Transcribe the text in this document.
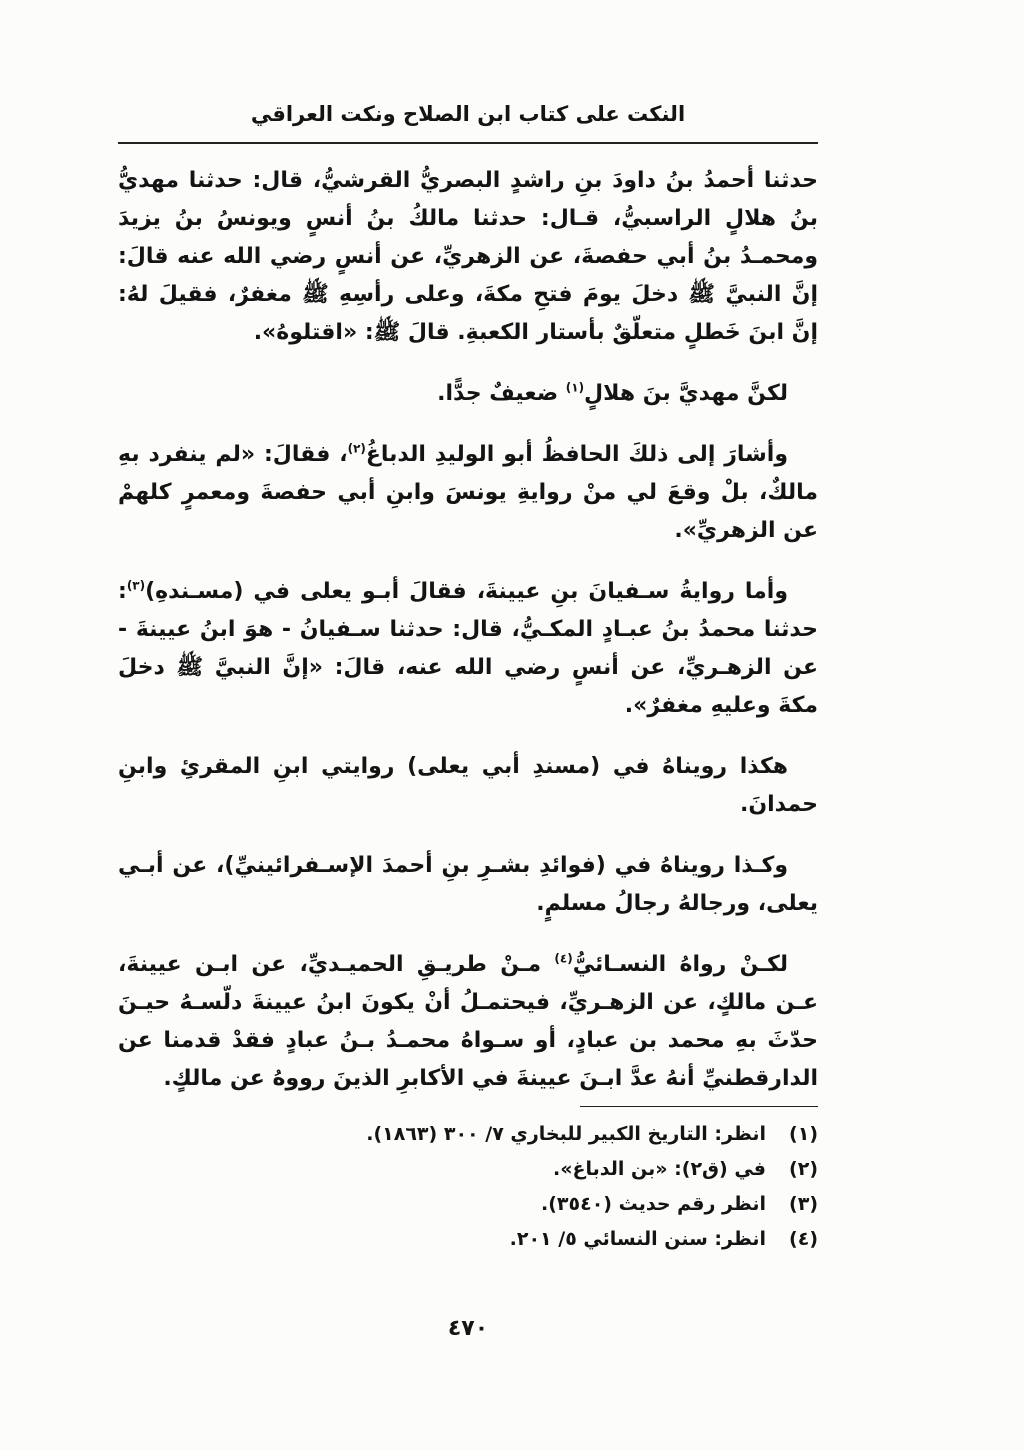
النكت على كتاب ابن الصلاح ونكت العراقي

حدثنا أحمدُ بنُ داودَ بنِ راشدٍ البصريُّ القرشيُّ، قال: حدثنا مهديُّ بنُ هلالٍ الراسبيُّ، قـال: حدثنا مالكُ بنُ أنسٍ ويونسُ بنُ يزيدَ ومحمـدُ بنُ أبي حفصةَ، عن الزهريِّ، عن أنسٍ رضي الله عنه قالَ: إنَّ النبيَّ ﷺ دخلَ يومَ فتحِ مكةَ، وعلى رأسِهِ ﷺ مغفرٌ، فقيلَ لهُ: إنَّ ابنَ خَطلٍ متعلّقٌ بأستار الكعبةِ. قالَ ﷺ: «اقتلوهُ».

لكنَّ مهديَّ بنَ هلالٍ$^{(١)}$ ضعيفٌ جدًّا.

وأشارَ إلى ذلكَ الحافظُ أبو الوليدِ الدباغُ$^{(٢)}$، فقالَ: «لم ينفرد بهِ مالكٌ، بلْ وقعَ لي منْ روايةِ يونسَ وابنِ أبي حفصةَ ومعمرٍ كلهمْ عن الزهريِّ».

وأما روايةُ سـفيانَ بنِ عيينةَ، فقالَ أبـو يعلى في (مسـندهِ)$^{(٣)}$: حدثنا محمدُ بنُ عبـادٍ المكـيُّ، قال: حدثنا سـفيانُ - هوَ ابنُ عيينةَ - عن الزهـريِّ، عن أنسٍ رضي الله عنه، قالَ: «إنَّ النبيَّ ﷺ دخلَ مكةَ وعليهِ مغفرٌ».

هكذا رويناهُ في (مسندِ أبي يعلى) روايتي ابنِ المقرئِ وابنِ حمدانَ.

وكـذا رويناهُ في (فوائدِ بشـرِ بنِ أحمدَ الإسـفرائينيِّ)، عن أبـي يعلى، ورجالهُ رجالُ مسلمٍ.

لكـنْ رواهُ النسـائيُّ$^{(٤)}$ مـنْ طريـقِ الحميـديِّ، عن ابـن عيينةَ، عـن مالكٍ، عن الزهـريِّ، فيحتمـلُ أنْ يكونَ ابنُ عيينةَ دلّسـهُ حيـنَ حدّثَ بهِ محمد بن عبادٍ، أو سـواهُ محمـدُ بـنُ عبادٍ فقدْ قدمنا عن الدارقطنيِّ أنهُ عدَّ ابـنَ عيينةَ في الأكابرِ الذينَ رووهُ عن مالكٍ.

(١)
انظر: التاريخ الكبير للبخاري ٧/ ٣٠٠ (١٨٦٣).
(٢)
في (ق٢): «بن الدباغ».
(٣)
انظر رقم حديث (٣٥٤٠).
(٤)
انظر: سنن النسائي ٥/ ٢٠١.
٤٧٠
